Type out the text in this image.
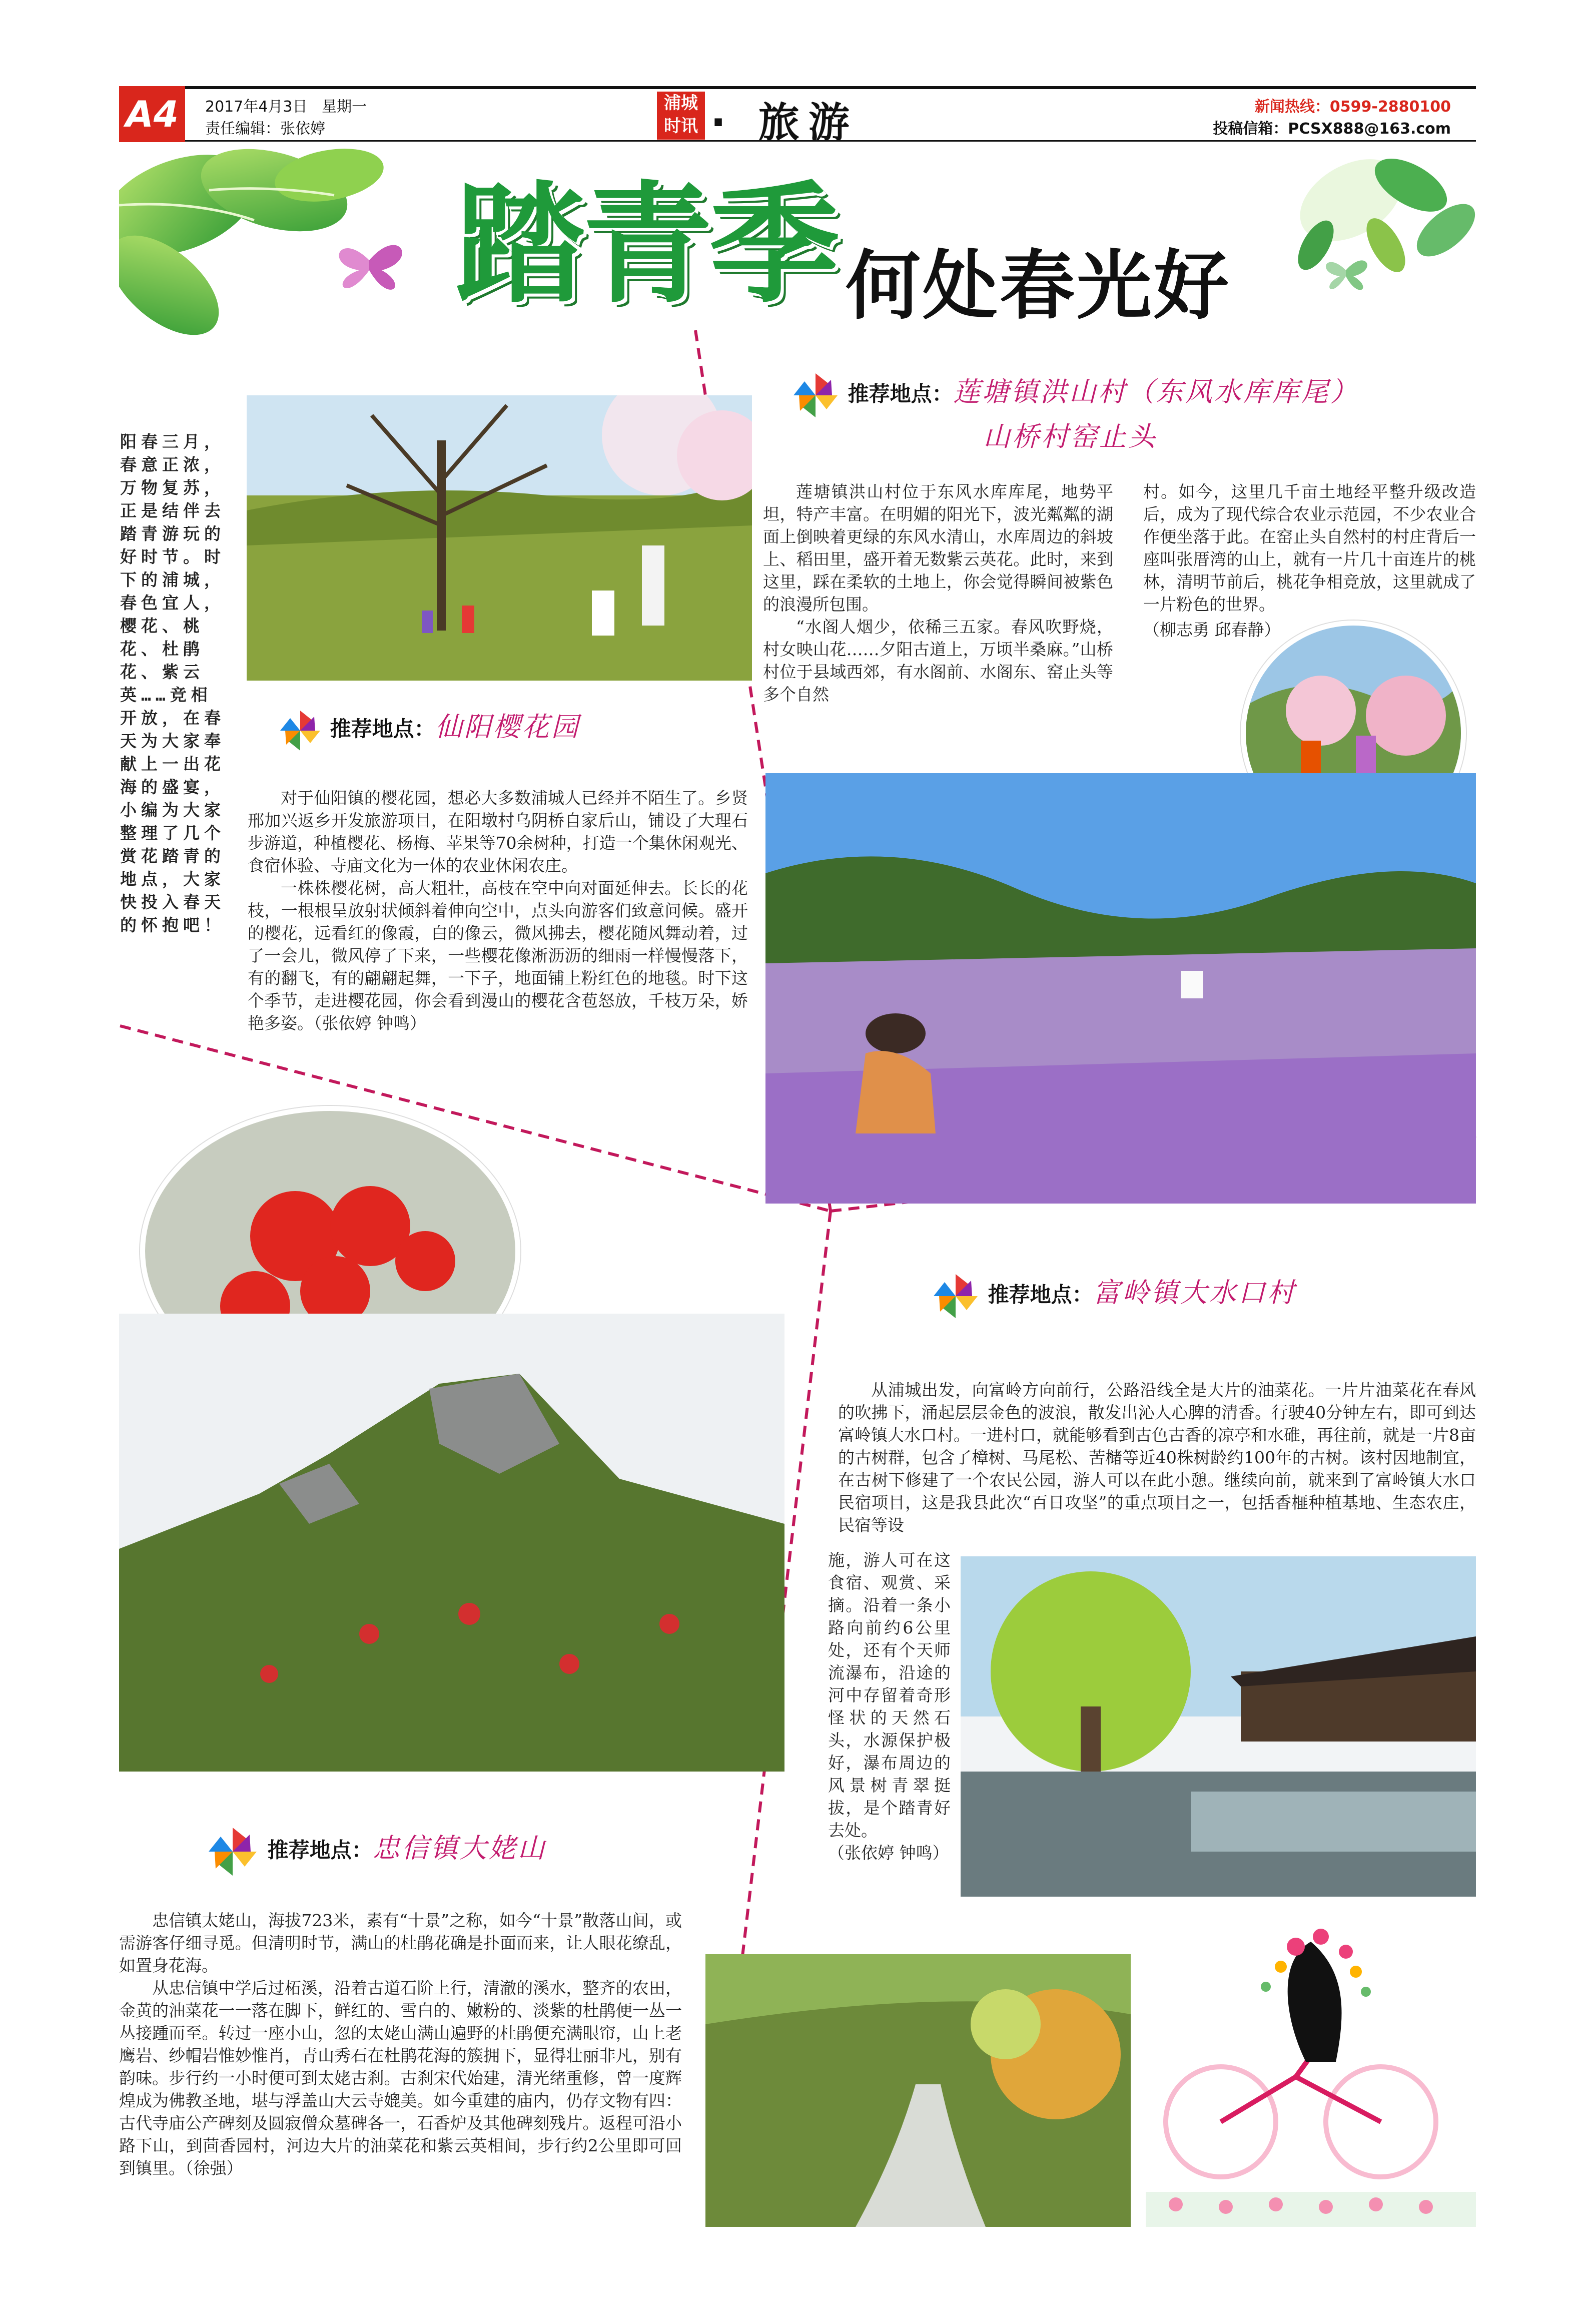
A4	2017年4月3日 星期一
责任编辑：张依婷
浦城
时讯 · 旅游	新闻热线：0599-2880100
投稿信箱：PCSX888@163.com
踏青季 何处春光好
阳春三月，春意正浓，万物复苏，正是结伴去踏青游玩的好时节。时下的浦城，春色宜人，樱花、桃花、杜鹃花、紫云英……竞相开放，在春天为大家奉献上一出花海的盛宴，小编为大家整理了几个赏花踏青的地点，大家快投入春天的怀抱吧！
推荐地点：仙阳樱花园

对于仙阳镇的樱花园，想必大多数浦城人已经并不陌生了。乡贤邢加兴返乡开发旅游项目，在阳墩村乌阴桥自家后山，铺设了大理石步游道，种植樱花、杨梅、苹果等70余树种，打造一个集休闲观光、食宿体验、寺庙文化为一体的农业休闲农庄。

一株株樱花树，高大粗壮，高枝在空中向对面延伸去。长长的花枝，一根根呈放射状倾斜着伸向空中，点头向游客们致意问候。盛开的樱花，远看红的像霞，白的像云，微风拂去，樱花随风舞动着，过了一会儿，微风停了下来，一些樱花像淅沥沥的细雨一样慢慢落下，有的翻飞，有的翩翩起舞，一下子，地面铺上粉红色的地毯。时下这个季节，走进樱花园，你会看到漫山的樱花含苞怒放，千枝万朵，娇艳多姿。（张依婷 钟鸣）

推荐地点：莲塘镇洪山村（东风水库库尾）
山桥村窑止头

莲塘镇洪山村位于东风水库库尾，地势平坦，特产丰富。在明媚的阳光下，波光粼粼的湖面上倒映着更绿的东风水清山，水库周边的斜坡上、稻田里，盛开着无数紫云英花。此时，来到这里，踩在柔软的土地上，你会觉得瞬间被紫色的浪漫所包围。

“水阁人烟少，依稀三五家。春风吹野烧，村女映山花……夕阳古道上，万顷半桑麻。”山桥村位于县域西郊，有水阁前、水阁东、窑止头等多个自然

村。如今，这里几千亩土地经平整升级改造后，成为了现代综合农业示范园，不少农业合作便坐落于此。在窑止头自然村的村庄背后一座叫张厝湾的山上，就有一片几十亩连片的桃林，清明节前后，桃花争相竞放，这里就成了一片粉色的世界。
（柳志勇 邱春静）
推荐地点：富岭镇大水口村

从浦城出发，向富岭方向前行，公路沿线全是大片的油菜花。一片片油菜花在春风的吹拂下，涌起层层金色的波浪，散发出沁人心脾的清香。行驶40分钟左右，即可到达富岭镇大水口村。一进村口，就能够看到古色古香的凉亭和水碓，再往前，就是一片8亩的古树群，包含了樟树、马尾松、苦槠等近40株树龄约100年的古树。该村因地制宜，在古树下修建了一个农民公园，游人可以在此小憩。继续向前，就来到了富岭镇大水口民宿项目，这是我县此次“百日攻坚”的重点项目之一，包括香榧种植基地、生态农庄，民宿等设

施，游人可在这食宿、观赏、采摘。沿着一条小路向前约6公里处，还有个天师流瀑布，沿途的河中存留着奇形怪状的天然石头，水源保护极好，瀑布周边的风景树青翠挺拔，是个踏青好去处。
（张依婷 钟鸣）
推荐地点：忠信镇大姥山

忠信镇太姥山，海拔723米，素有“十景”之称，如今“十景”散落山间，或需游客仔细寻觅。但清明时节，满山的杜鹃花确是扑面而来，让人眼花缭乱，如置身花海。

从忠信镇中学后过柘溪，沿着古道石阶上行，清澈的溪水，整齐的农田，金黄的油菜花一一落在脚下，鲜红的、雪白的、嫩粉的、淡紫的杜鹃便一丛一丛接踵而至。转过一座小山，忽的太姥山满山遍野的杜鹃便充满眼帘，山上老鹰岩、纱帽岩惟妙惟肖，青山秀石在杜鹃花海的簇拥下，显得壮丽非凡，别有韵味。步行约一小时便可到太姥古刹。古刹宋代始建，清光绪重修，曾一度辉煌成为佛教圣地，堪与浮盖山大云寺媲美。如今重建的庙内，仍存文物有四：古代寺庙公产碑刻及圆寂僧众墓碑各一，石香炉及其他碑刻残片。返程可沿小路下山，到茴香园村，河边大片的油菜花和紫云英相间，步行约2公里即可回到镇里。（徐强）
